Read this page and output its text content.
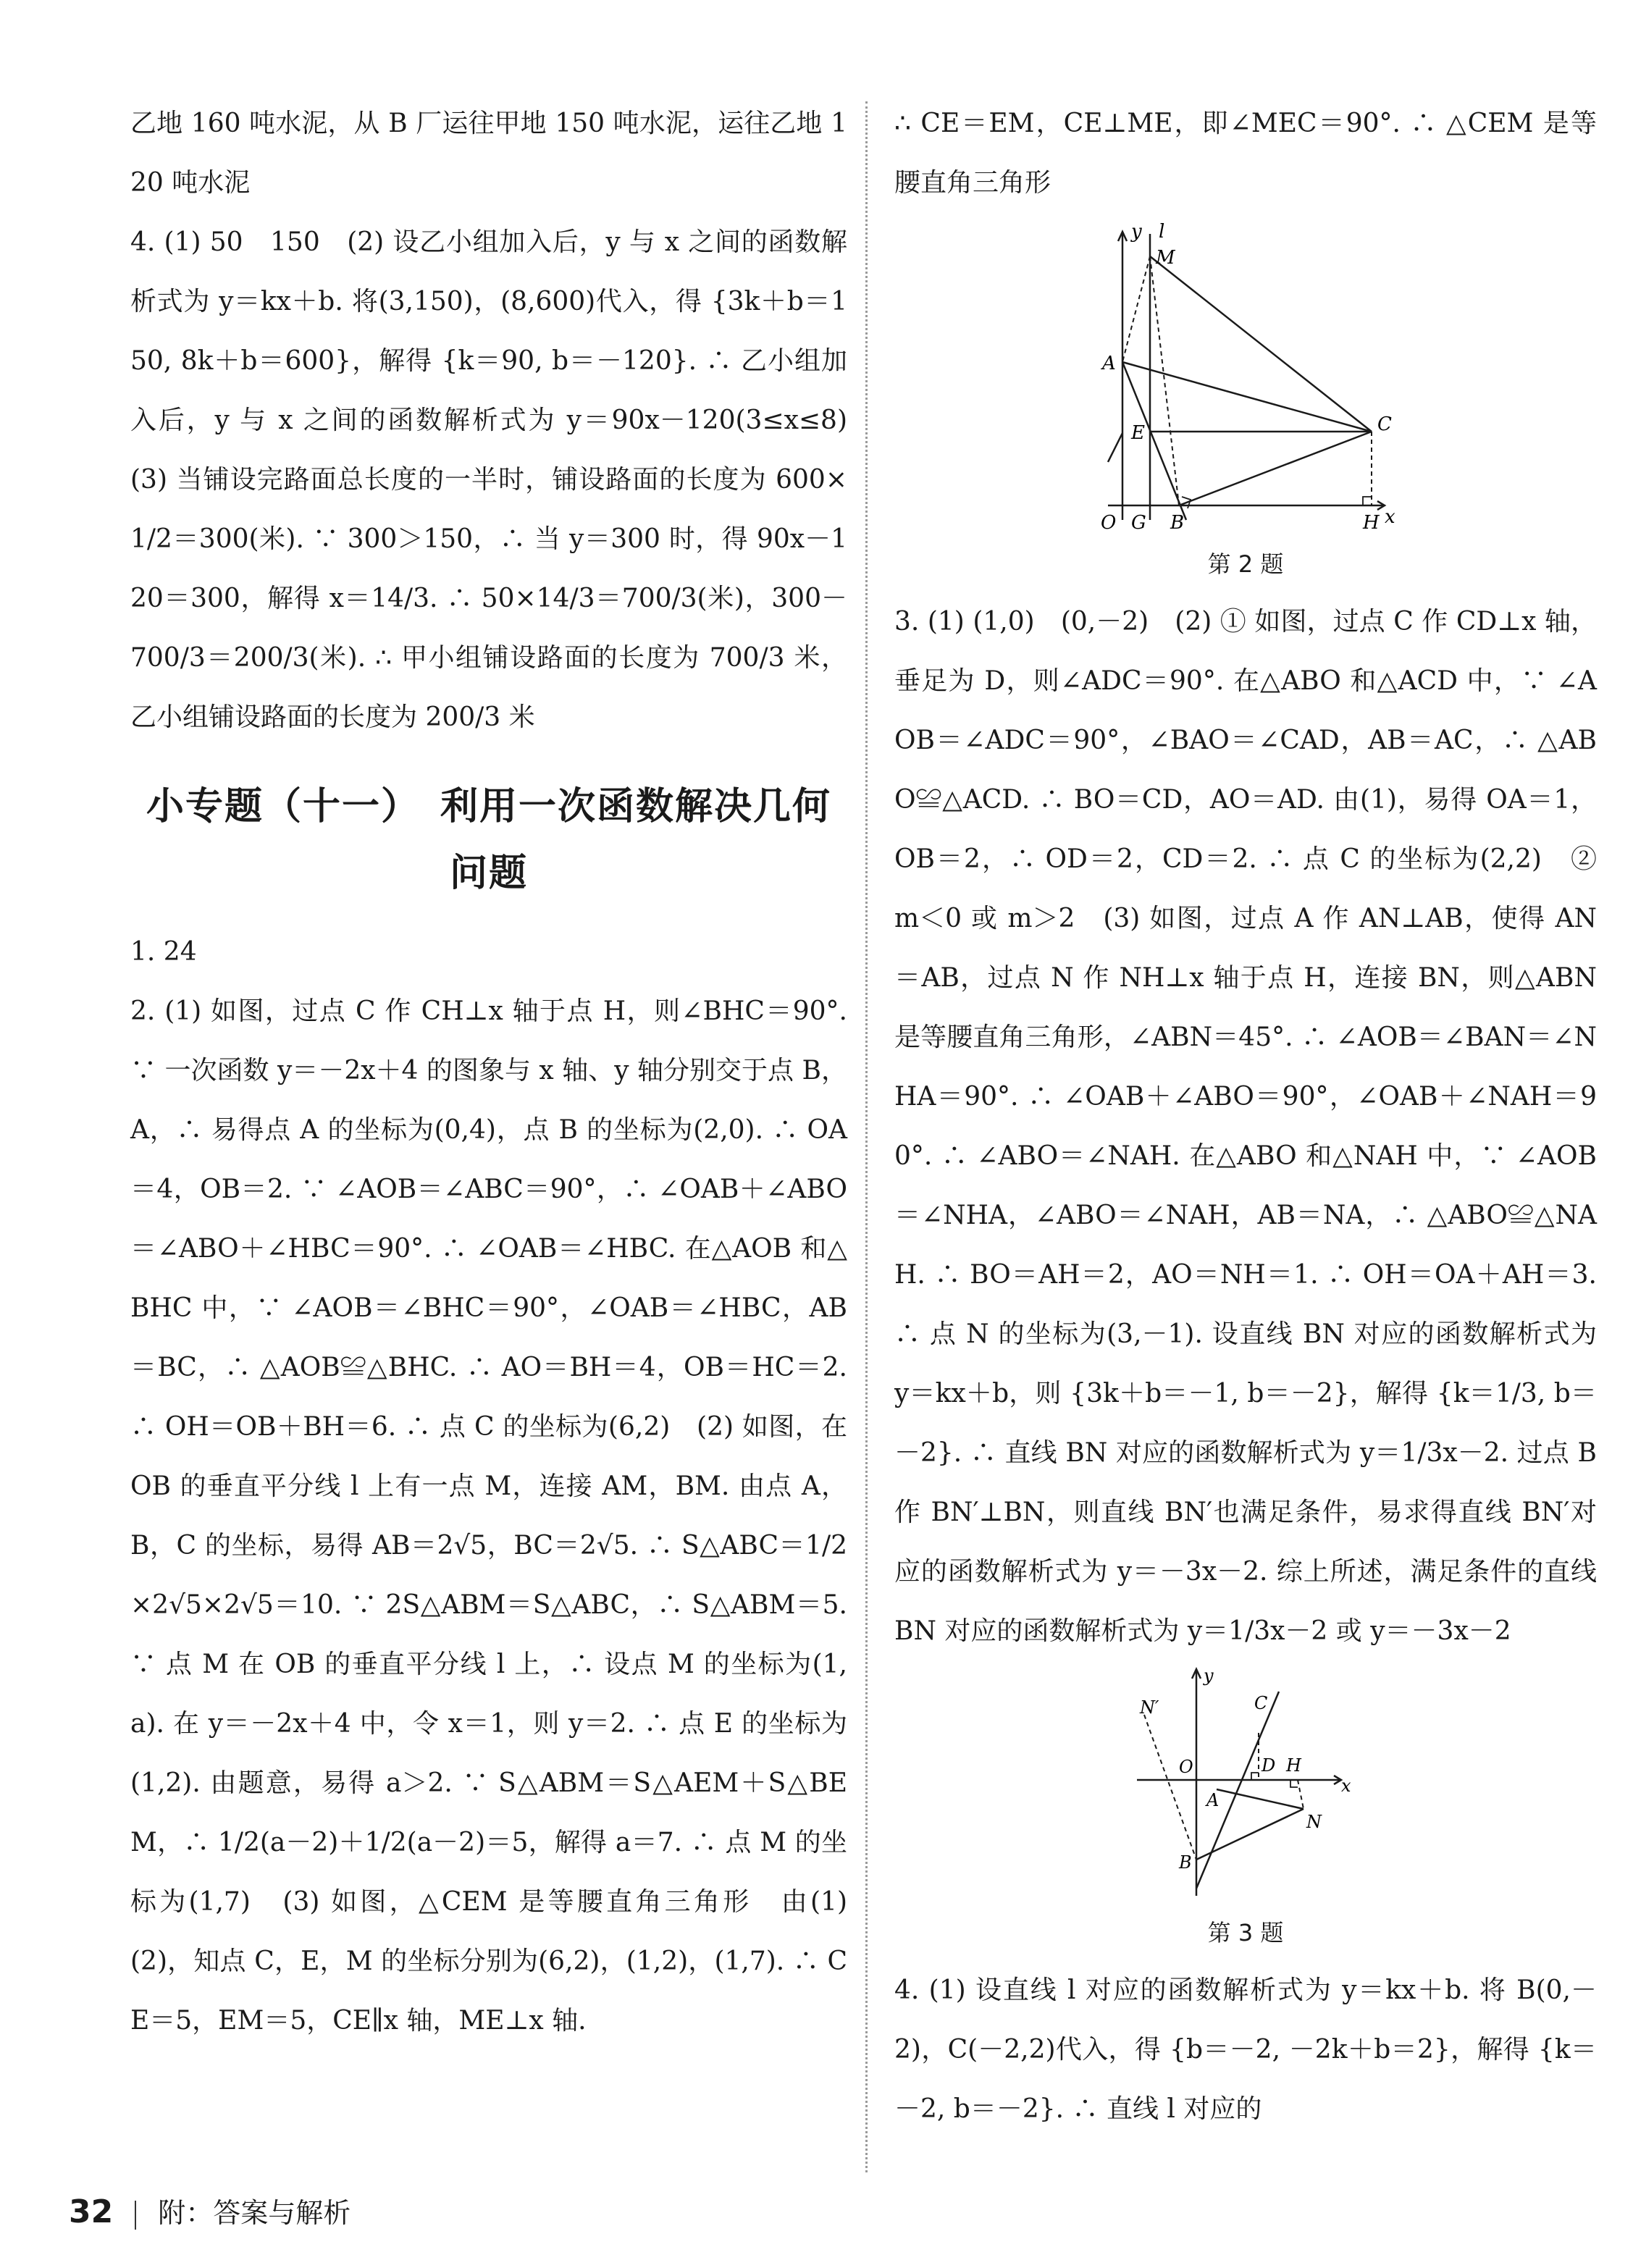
乙地 160 吨水泥，从 B 厂运往甲地 150 吨水泥，运往乙地 120 吨水泥

4. (1) 50　150　(2) 设乙小组加入后，y 与 x 之间的函数解析式为 y＝kx＋b. 将(3,150)，(8,600)代入，得 {3k＋b＝150, 8k＋b＝600}，解得 {k＝90, b＝－120}. ∴ 乙小组加入后，y 与 x 之间的函数解析式为 y＝90x－120(3≤x≤8)　(3) 当铺设完路面总长度的一半时，铺设路面的长度为 600×1/2＝300(米). ∵ 300＞150，∴ 当 y＝300 时，得 90x－120＝300，解得 x＝14/3. ∴ 50×14/3＝700/3(米)，300－700/3＝200/3(米). ∴ 甲小组铺设路面的长度为 700/3 米，乙小组铺设路面的长度为 200/3 米

小专题（十一）　利用一次函数解决几何问题

1. 24

2. (1) 如图，过点 C 作 CH⊥x 轴于点 H，则∠BHC＝90°. ∵ 一次函数 y＝－2x＋4 的图象与 x 轴、y 轴分别交于点 B，A，∴ 易得点 A 的坐标为(0,4)，点 B 的坐标为(2,0). ∴ OA＝4，OB＝2. ∵ ∠AOB＝∠ABC＝90°，∴ ∠OAB＋∠ABO＝∠ABO＋∠HBC＝90°. ∴ ∠OAB＝∠HBC. 在△AOB 和△BHC 中，∵ ∠AOB＝∠BHC＝90°，∠OAB＝∠HBC，AB＝BC，∴ △AOB≌△BHC. ∴ AO＝BH＝4，OB＝HC＝2. ∴ OH＝OB＋BH＝6. ∴ 点 C 的坐标为(6,2)　(2) 如图，在 OB 的垂直平分线 l 上有一点 M，连接 AM，BM. 由点 A，B，C 的坐标，易得 AB＝2√5，BC＝2√5. ∴ S△ABC＝1/2×2√5×2√5＝10. ∵ 2S△ABM＝S△ABC，∴ S△ABM＝5. ∵ 点 M 在 OB 的垂直平分线 l 上，∴ 设点 M 的坐标为(1,a). 在 y＝－2x＋4 中，令 x＝1，则 y＝2. ∴ 点 E 的坐标为(1,2). 由题意，易得 a＞2. ∵ S△ABM＝S△AEM＋S△BEM，∴ 1/2(a－2)＋1/2(a－2)＝5，解得 a＝7. ∴ 点 M 的坐标为(1,7)　(3) 如图，△CEM 是等腰直角三角形　由(1)(2)，知点 C，E，M 的坐标分别为(6,2)，(1,2)，(1,7). ∴ CE＝5，EM＝5，CE∥x 轴，ME⊥x 轴.

∴ CE＝EM，CE⊥ME，即∠MEC＝90°. ∴ △CEM 是等腰直角三角形

y l
M
A
E	C
O G B	H x
第 2 题

3. (1) (1,0)　(0,－2)　(2) ① 如图，过点 C 作 CD⊥x 轴，垂足为 D，则∠ADC＝90°. 在△ABO 和△ACD 中，∵ ∠AOB＝∠ADC＝90°，∠BAO＝∠CAD，AB＝AC，∴ △ABO≌△ACD. ∴ BO＝CD，AO＝AD. 由(1)，易得 OA＝1，OB＝2，∴ OD＝2，CD＝2. ∴ 点 C 的坐标为(2,2)　② m＜0 或 m＞2　(3) 如图，过点 A 作 AN⊥AB，使得 AN＝AB，过点 N 作 NH⊥x 轴于点 H，连接 BN，则△ABN 是等腰直角三角形，∠ABN＝45°. ∴ ∠AOB＝∠BAN＝∠NHA＝90°. ∴ ∠OAB＋∠ABO＝90°，∠OAB＋∠NAH＝90°. ∴ ∠ABO＝∠NAH. 在△ABO 和△NAH 中，∵ ∠AOB＝∠NHA，∠ABO＝∠NAH，AB＝NA，∴ △ABO≌△NAH. ∴ BO＝AH＝2，AO＝NH＝1. ∴ OH＝OA＋AH＝3. ∴ 点 N 的坐标为(3,－1). 设直线 BN 对应的函数解析式为 y＝kx＋b，则 {3k＋b＝－1, b＝－2}，解得 {k＝1/3, b＝－2}. ∴ 直线 BN 对应的函数解析式为 y＝1/3x－2. 过点 B 作 BN′⊥BN，则直线 BN′也满足条件，易求得直线 BN′对应的函数解析式为 y＝－3x－2. 综上所述，满足条件的直线 BN 对应的函数解析式为 y＝1/3x－2 或 y＝－3x－2

y
C
N′
O	D H
x
A
N
B
第 3 题

4. (1) 设直线 l 对应的函数解析式为 y＝kx＋b. 将 B(0,－2)，C(－2,2)代入，得 {b＝－2, －2k＋b＝2}，解得 {k＝－2, b＝－2}. ∴ 直线 l 对应的

32 附：答案与解析
